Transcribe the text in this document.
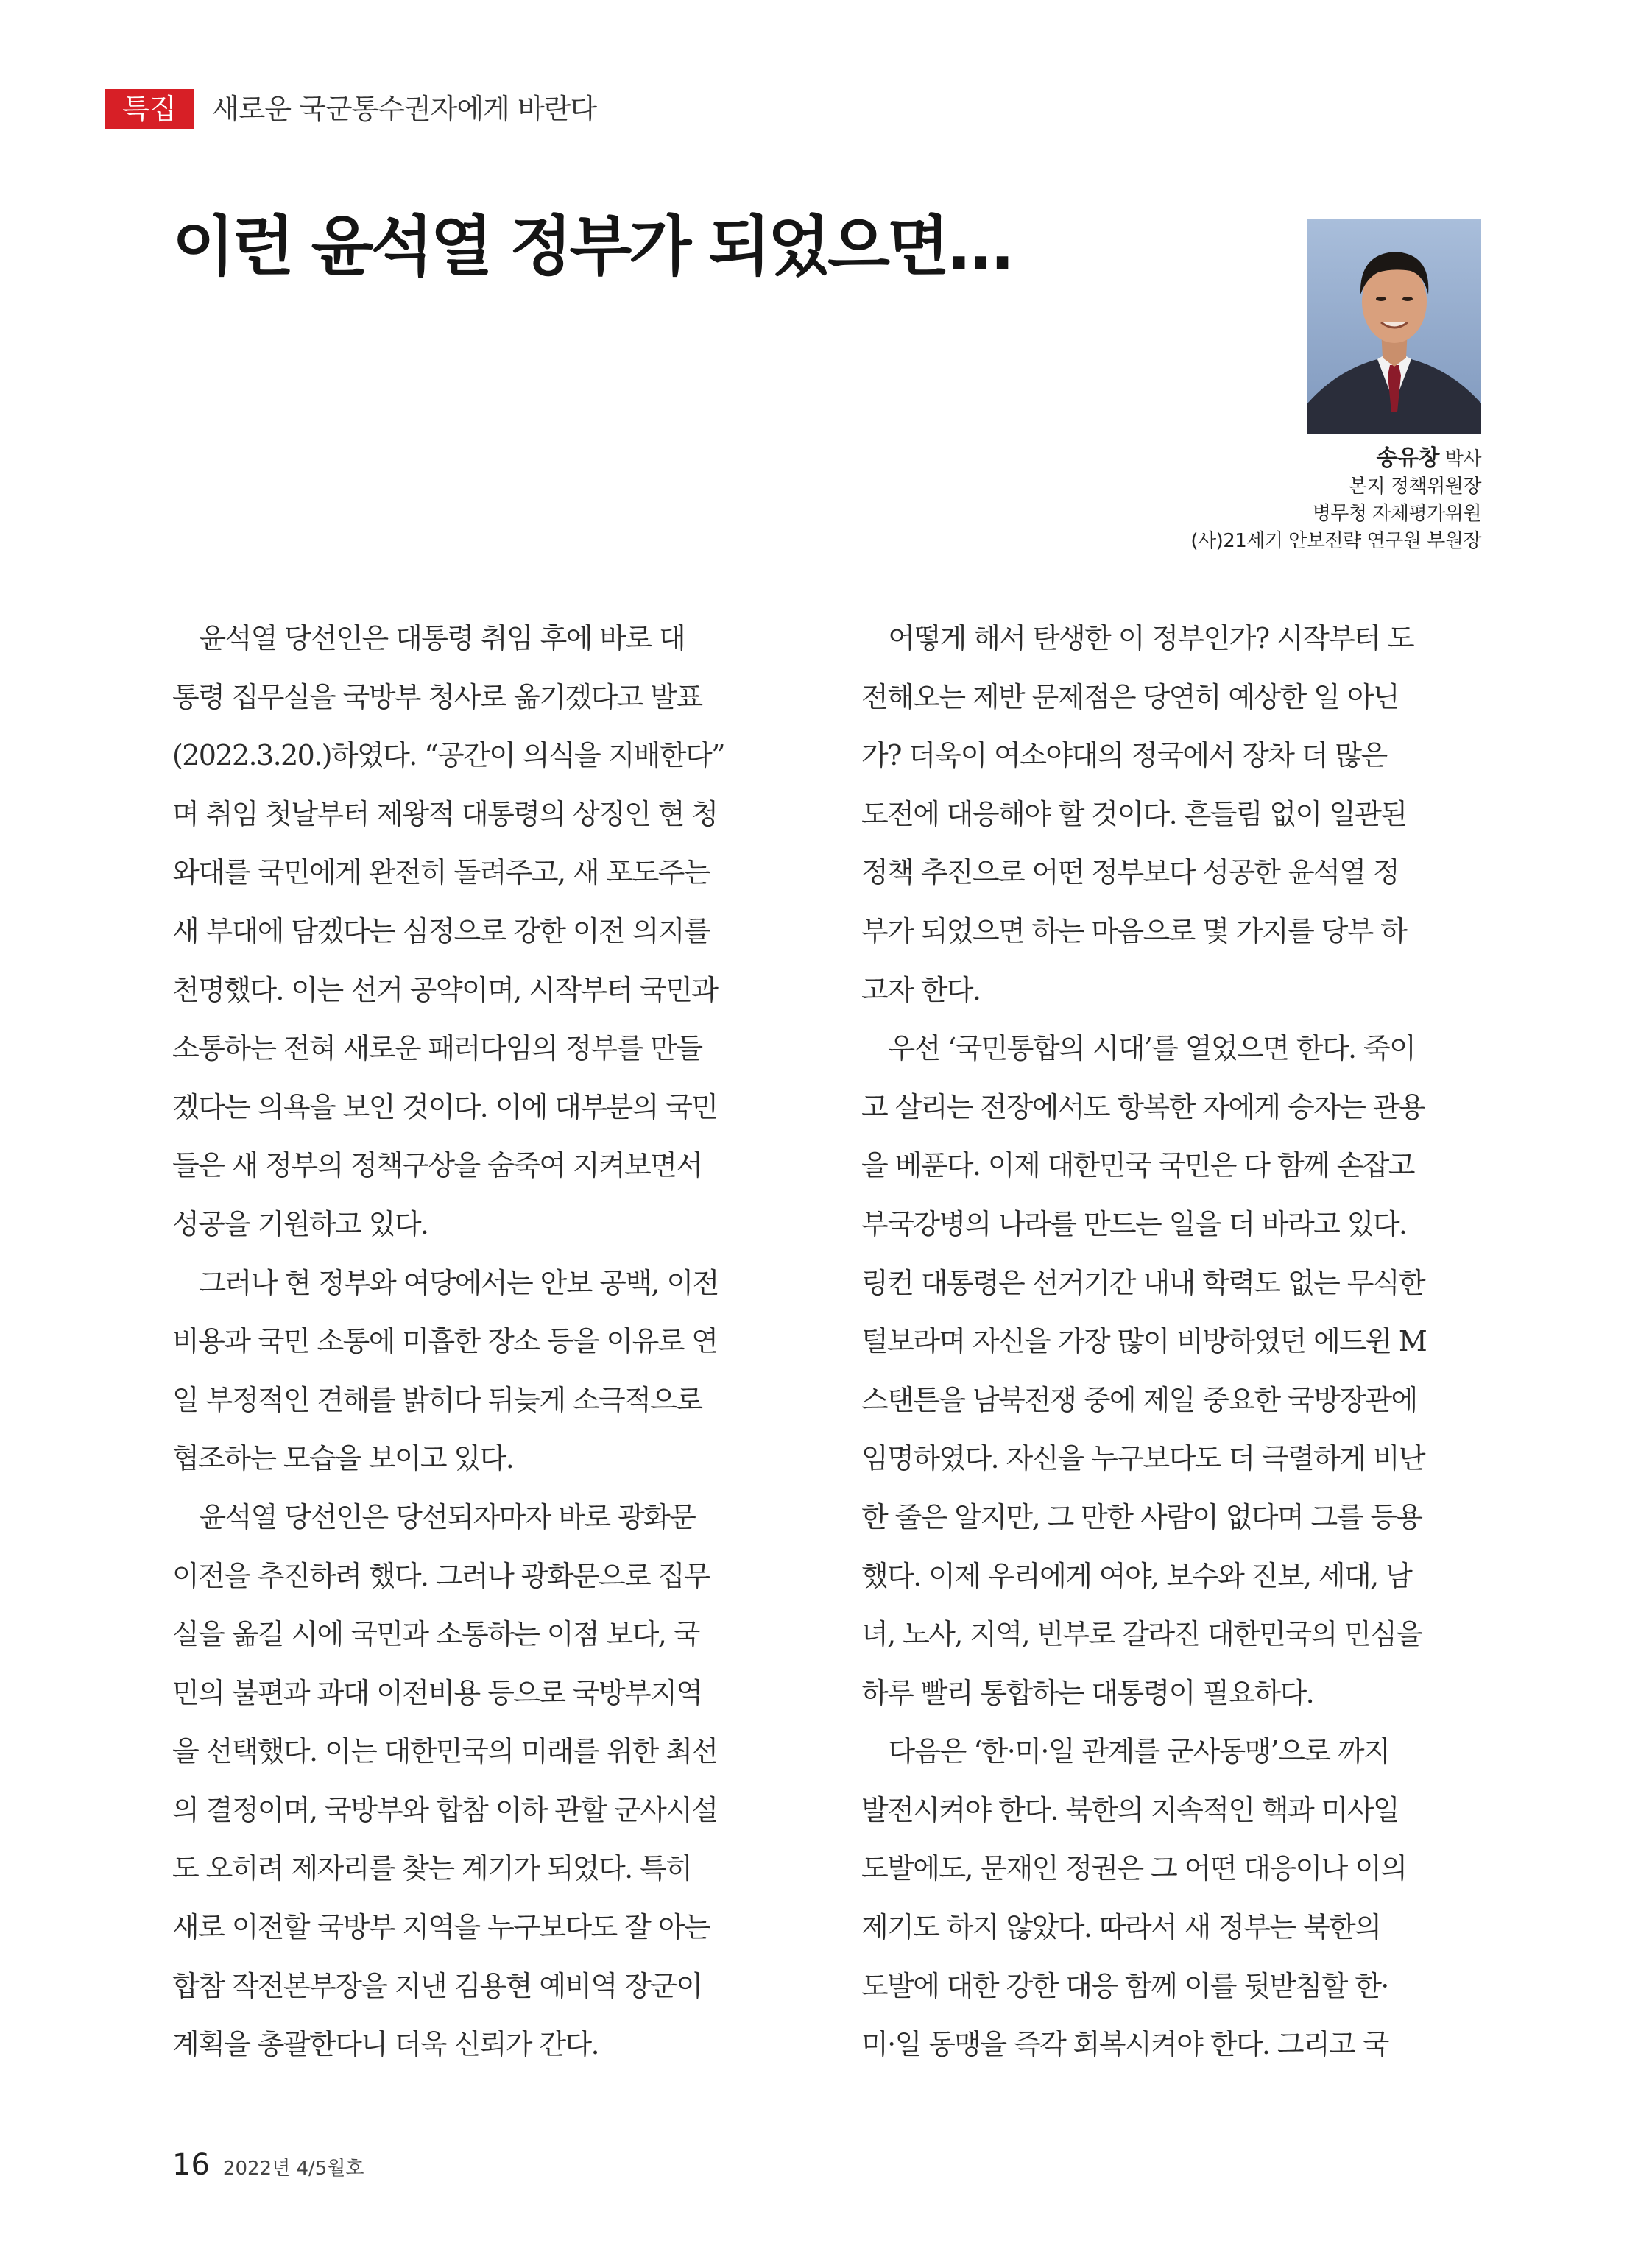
특집	새로운 국군통수권자에게 바란다
이런 윤석열 정부가 되었으면...
송유창 박사
본지 정책위원장
병무청 자체평가위원
(사)21세기 안보전략 연구원 부원장
　윤석열 당선인은 대통령 취임 후에 바로 대
통령 집무실을 국방부 청사로 옮기겠다고 발표
(2022.3.20.)하였다. “공간이 의식을 지배한다”
며 취임 첫날부터 제왕적 대통령의 상징인 현 청
와대를 국민에게 완전히 돌려주고, 새 포도주는
새 부대에 담겠다는 심정으로 강한 이전 의지를
천명했다. 이는 선거 공약이며, 시작부터 국민과
소통하는 전혀 새로운 패러다임의 정부를 만들
겠다는 의욕을 보인 것이다. 이에 대부분의 국민
들은 새 정부의 정책구상을 숨죽여 지켜보면서
성공을 기원하고 있다.
　그러나 현 정부와 여당에서는 안보 공백, 이전
비용과 국민 소통에 미흡한 장소 등을 이유로 연
일 부정적인 견해를 밝히다 뒤늦게 소극적으로
협조하는 모습을 보이고 있다.
　윤석열 당선인은 당선되자마자 바로 광화문
이전을 추진하려 했다. 그러나 광화문으로 집무
실을 옮길 시에 국민과 소통하는 이점 보다, 국
민의 불편과 과대 이전비용 등으로 국방부지역
을 선택했다. 이는 대한민국의 미래를 위한 최선
의 결정이며, 국방부와 합참 이하 관할 군사시설
도 오히려 제자리를 찾는 계기가 되었다. 특히
새로 이전할 국방부 지역을 누구보다도 잘 아는
합참 작전본부장을 지낸 김용현 예비역 장군이
계획을 총괄한다니 더욱 신뢰가 간다.
　어떻게 해서 탄생한 이 정부인가? 시작부터 도
전해오는 제반 문제점은 당연히 예상한 일 아닌
가? 더욱이 여소야대의 정국에서 장차 더 많은
도전에 대응해야 할 것이다. 흔들림 없이 일관된
정책 추진으로 어떤 정부보다 성공한 윤석열 정
부가 되었으면 하는 마음으로 몇 가지를 당부 하
고자 한다.
　우선 ‘국민통합의 시대’를 열었으면 한다. 죽이
고 살리는 전장에서도 항복한 자에게 승자는 관용
을 베푼다. 이제 대한민국 국민은 다 함께 손잡고
부국강병의 나라를 만드는 일을 더 바라고 있다.
링컨 대통령은 선거기간 내내 학력도 없는 무식한
털보라며 자신을 가장 많이 비방하였던 에드윈 M
스탠튼을 남북전쟁 중에 제일 중요한 국방장관에
임명하였다. 자신을 누구보다도 더 극렬하게 비난
한 줄은 알지만, 그 만한 사람이 없다며 그를 등용
했다. 이제 우리에게 여야, 보수와 진보, 세대, 남
녀, 노사, 지역, 빈부로 갈라진 대한민국의 민심을
하루 빨리 통합하는 대통령이 필요하다.
　다음은 ‘한·미·일 관계를 군사동맹’으로 까지
발전시켜야 한다. 북한의 지속적인 핵과 미사일
도발에도, 문재인 정권은 그 어떤 대응이나 이의
제기도 하지 않았다. 따라서 새 정부는 북한의
도발에 대한 강한 대응 함께 이를 뒷받침할 한·
미·일 동맹을 즉각 회복시켜야 한다. 그리고 국
16 2022년 4/5월호
